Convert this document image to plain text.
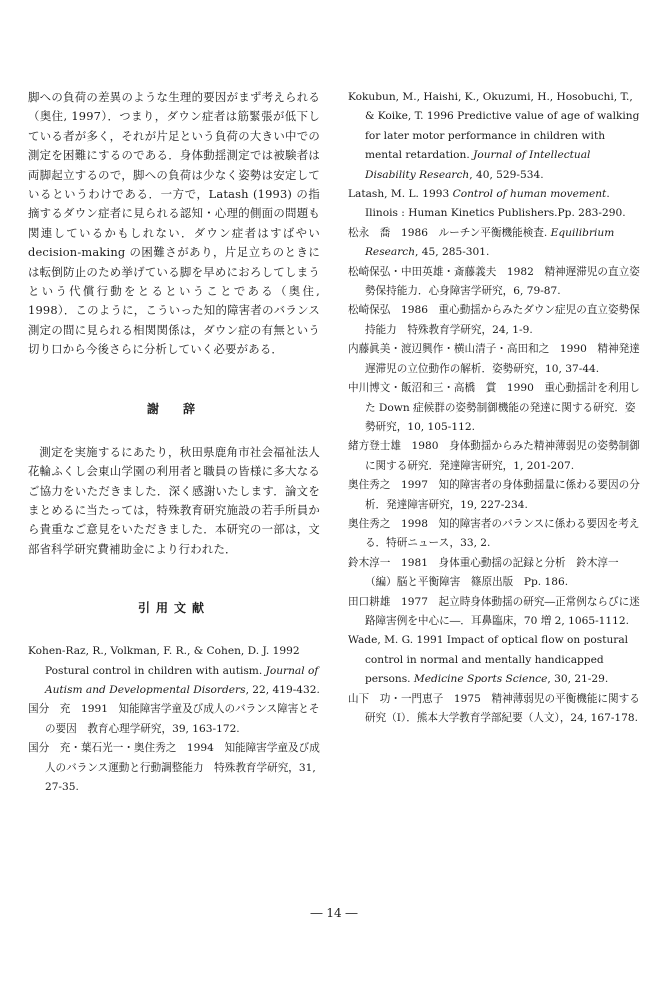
脚への負荷の差異のような生理的要因がまず考えられる（奥住, 1997）．つまり，ダウン症者は筋緊張が低下している者が多く，それが片足という負荷の大きい中での測定を困難にするのである．身体動揺測定では被験者は両脚起立するので，脚への負荷は少なく姿勢は安定しているというわけである．一方で，Latash (1993) の指摘するダウン症者に見られる認知・心理的側面の問題も関連しているかもしれない．ダウン症者はすばやい decision-making の困難さがあり，片足立ちのときには転倒防止のため挙げている脚を早めにおろしてしまうという代償行動をとるということである（奥住, 1998）．このように，こういった知的障害者のバランス測定の間に見られる相関関係は，ダウン症の有無という切り口から今後さらに分析していく必要がある．

謝　辞

測定を実施するにあたり，秋田県鹿角市社会福祉法人花輪ふくし会東山学園の利用者と職員の皆様に多大なるご協力をいただきました．深く感謝いたします．論文をまとめるに当たっては，特殊教育研究施設の若手所員から貴重なご意見をいただきました．本研究の一部は，文部省科学研究費補助金により行われた．

引用文献
Kohen-Raz, R., Volkman, F. R., & Cohen, D. J. 1992 Postural control in children with autism. Journal of Autism and Developmental Disorders, 22, 419-432.
国分　充　1991　知能障害学童及び成人のバランス障害とその要因　教育心理学研究，39, 163-172.
国分　充・葉石光一・奥住秀之　1994　知能障害学童及び成人のバランス運動と行動調整能力　特殊教育学研究，31, 27-35.
Kokubun, M., Haishi, K., Okuzumi, H., Hosobuchi, T., & Koike, T. 1996 Predictive value of age of walking for later motor performance in children with mental retardation. Journal of Intellectual Disability Research, 40, 529-534.
Latash, M. L. 1993 Control of human movement. Ilinois : Human Kinetics Publishers.Pp. 283-290.
松永　喬　1986　ルーチン平衡機能検査. Equilibrium Research, 45, 285-301.
松崎保弘・中田英雄・斎藤義夫　1982　精神遅滞児の直立姿勢保持能力．心身障害学研究，6, 79-87.
松崎保弘　1986　重心動揺からみたダウン症児の直立姿勢保持能力　特殊教育学研究，24, 1-9.
内藤眞美・渡辺興作・横山清子・高田和之　1990　精神発達遅滞児の立位動作の解析．姿勢研究，10, 37-44.
中川博文・飯沼和三・高橋　賞　1990　重心動揺計を利用した Down 症候群の姿勢制御機能の発達に関する研究．姿勢研究，10, 105-112.
緒方登士雄　1980　身体動揺からみた精神薄弱児の姿勢制御に関する研究．発達障害研究，1, 201-207.
奥住秀之　1997　知的障害者の身体動揺量に係わる要因の分析．発達障害研究，19, 227-234.
奥住秀之　1998　知的障害者のバランスに係わる要因を考える．特研ニュース，33, 2.
鈴木淳一　1981　身体重心動揺の記録と分析　鈴木淳一（編）脳と平衡障害　篠原出版　Pp. 186.
田口耕雄　1977　起立時身体動揺の研究―正常例ならびに迷路障害例を中心に―．耳鼻臨床，70 増 2, 1065-1112.
Wade, M. G. 1991 Impact of optical flow on postural control in normal and mentally handicapped persons. Medicine Sports Science, 30, 21-29.
山下　功・一門恵子　1975　精神薄弱児の平衡機能に関する研究（Ⅰ）．熊本大学教育学部紀要（人文），24, 167-178.
― 14 ―
